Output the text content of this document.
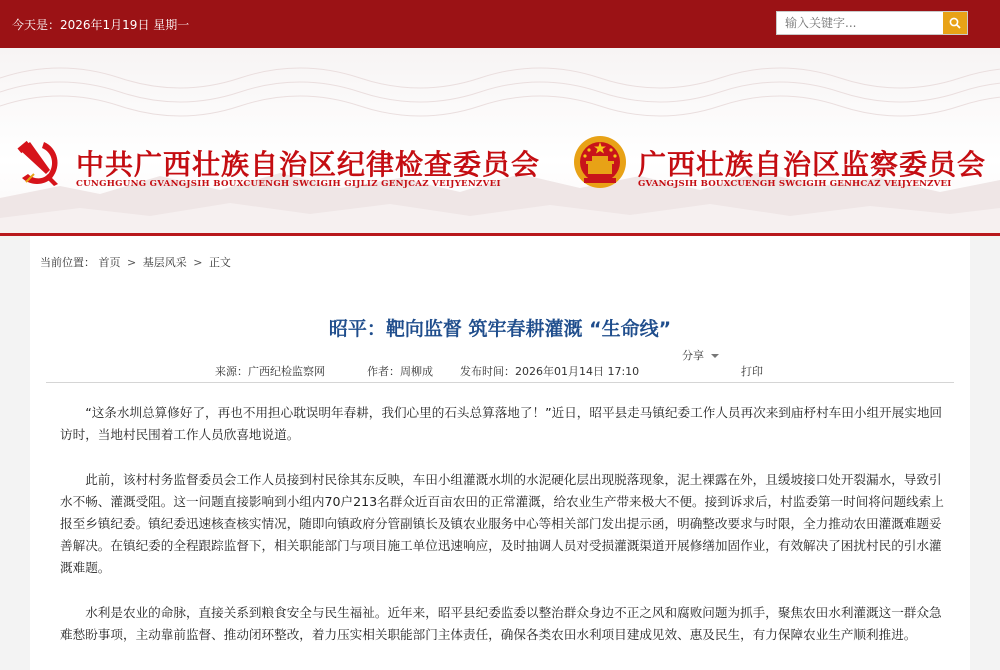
今天是：2026年1月19日 星期一
输入关键字...
中共广西壮族自治区纪律检查委员会
CUNGHGUNG GVANGJSIH BOUXCUENGH SWCIGIH GIJLIZ GENJCAZ VEIJYENZVEI
广西壮族自治区监察委员会
GVANGJSIH BOUXCUENGH SWCIGIH GENHCAZ VEIJYENZVEI
当前位置： 首页 > 基层风采 > 正文
昭平：靶向监督 筑牢春耕灌溉 “生命线”
分享
来源：广西纪检监察网	作者：周柳成 发布时间：2026年01月14日 17:10	打印

“这条水圳总算修好了，再也不用担心耽误明年春耕，我们心里的石头总算落地了！”近日，昭平县走马镇纪委工作人员再次来到庙杼村车田小组开展实地回访时，当地村民围着工作人员欣喜地说道。

此前，该村村务监督委员会工作人员接到村民徐其东反映，车田小组灌溉水圳的水泥硬化层出现脱落现象，泥土裸露在外，且缓坡接口处开裂漏水，导致引水不畅、灌溉受阻。这一问题直接影响到小组内70户213名群众近百亩农田的正常灌溉，给农业生产带来极大不便。接到诉求后，村监委第一时间将问题线索上报至乡镇纪委。镇纪委迅速核查核实情况，随即向镇政府分管副镇长及镇农业服务中心等相关部门发出提示函，明确整改要求与时限，全力推动农田灌溉难题妥善解决。在镇纪委的全程跟踪监督下，相关职能部门与项目施工单位迅速响应，及时抽调人员对受损灌溉渠道开展修缮加固作业，有效解决了困扰村民的引水灌溉难题。

水利是农业的命脉，直接关系到粮食安全与民生福祉。近年来，昭平县纪委监委以整治群众身边不正之风和腐败问题为抓手，聚焦农田水利灌溉这一群众急难愁盼事项，主动靠前监督、推动闭环整改，着力压实相关职能部门主体责任，确保各类农田水利项目建成见效、惠及民生，有力保障农业生产顺利推进。
